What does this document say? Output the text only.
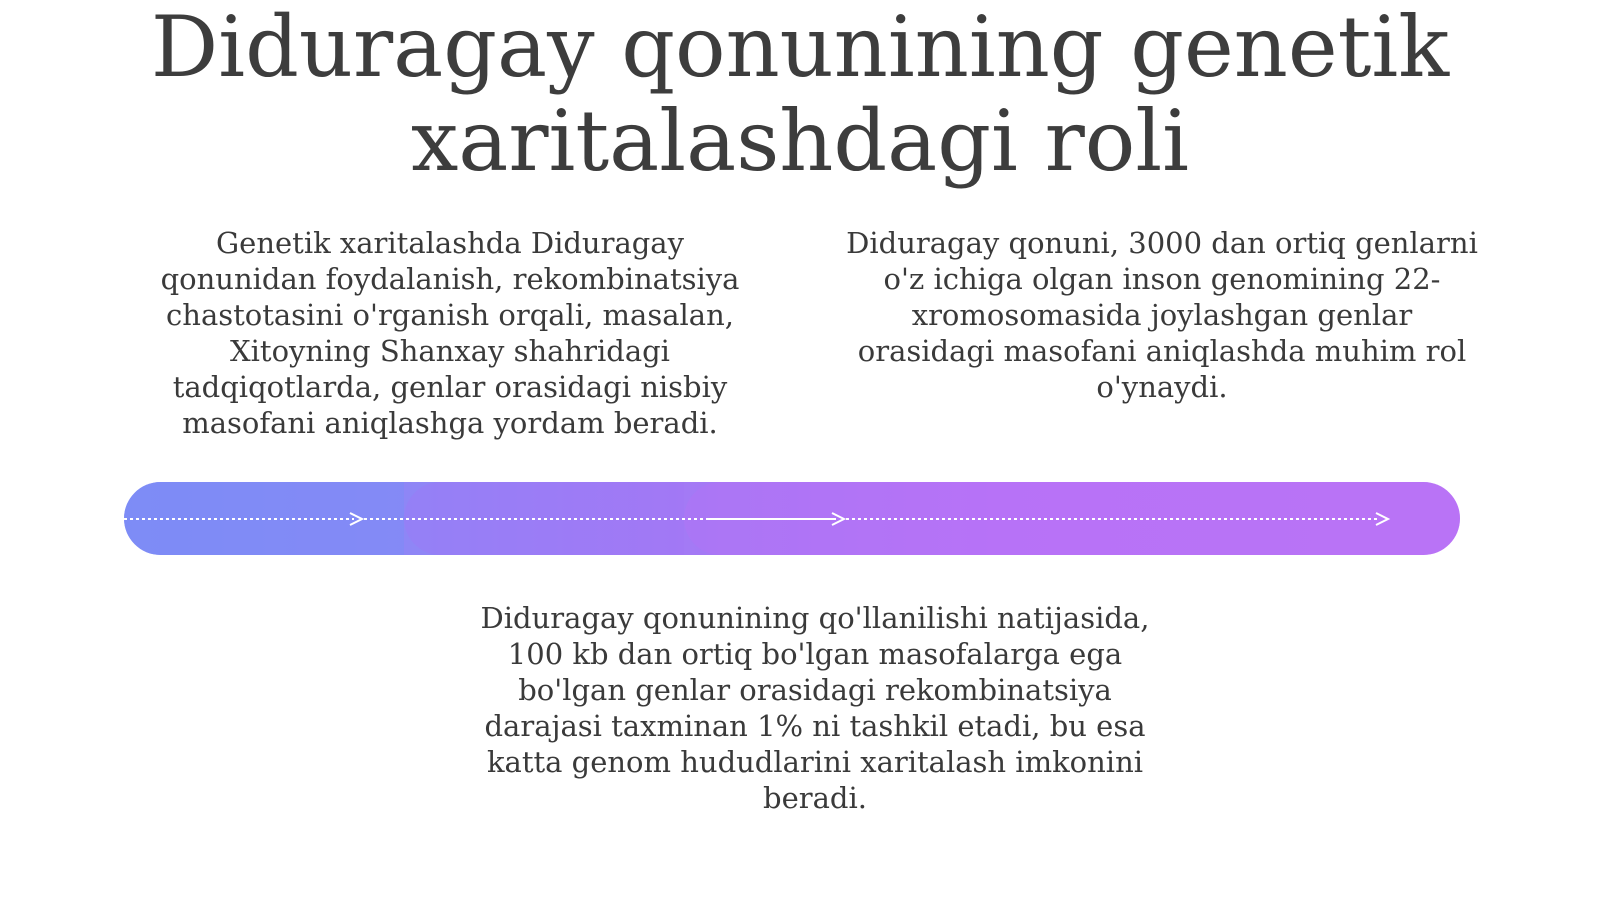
Diduragay qonunining genetik xaritalashdagi roli

Genetik xaritalashda Diduragay qonunidan foydalanish, rekombinatsiya chastotasini o'rganish orqali, masalan, Xitoyning Shanxay shahridagi tadqiqotlarda, genlar orasidagi nisbiy masofani aniqlashga yordam beradi.

Diduragay qonuni, 3000 dan ortiq genlarni o'z ichiga olgan inson genomining 22-xromosomasida joylashgan genlar orasidagi masofani aniqlashda muhim rol o'ynaydi.

Diduragay qonunining qo'llanilishi natijasida, 100 kb dan ortiq bo'lgan masofalarga ega bo'lgan genlar orasidagi rekombinatsiya darajasi taxminan 1% ni tashkil etadi, bu esa katta genom hududlarini xaritalash imkonini beradi.
